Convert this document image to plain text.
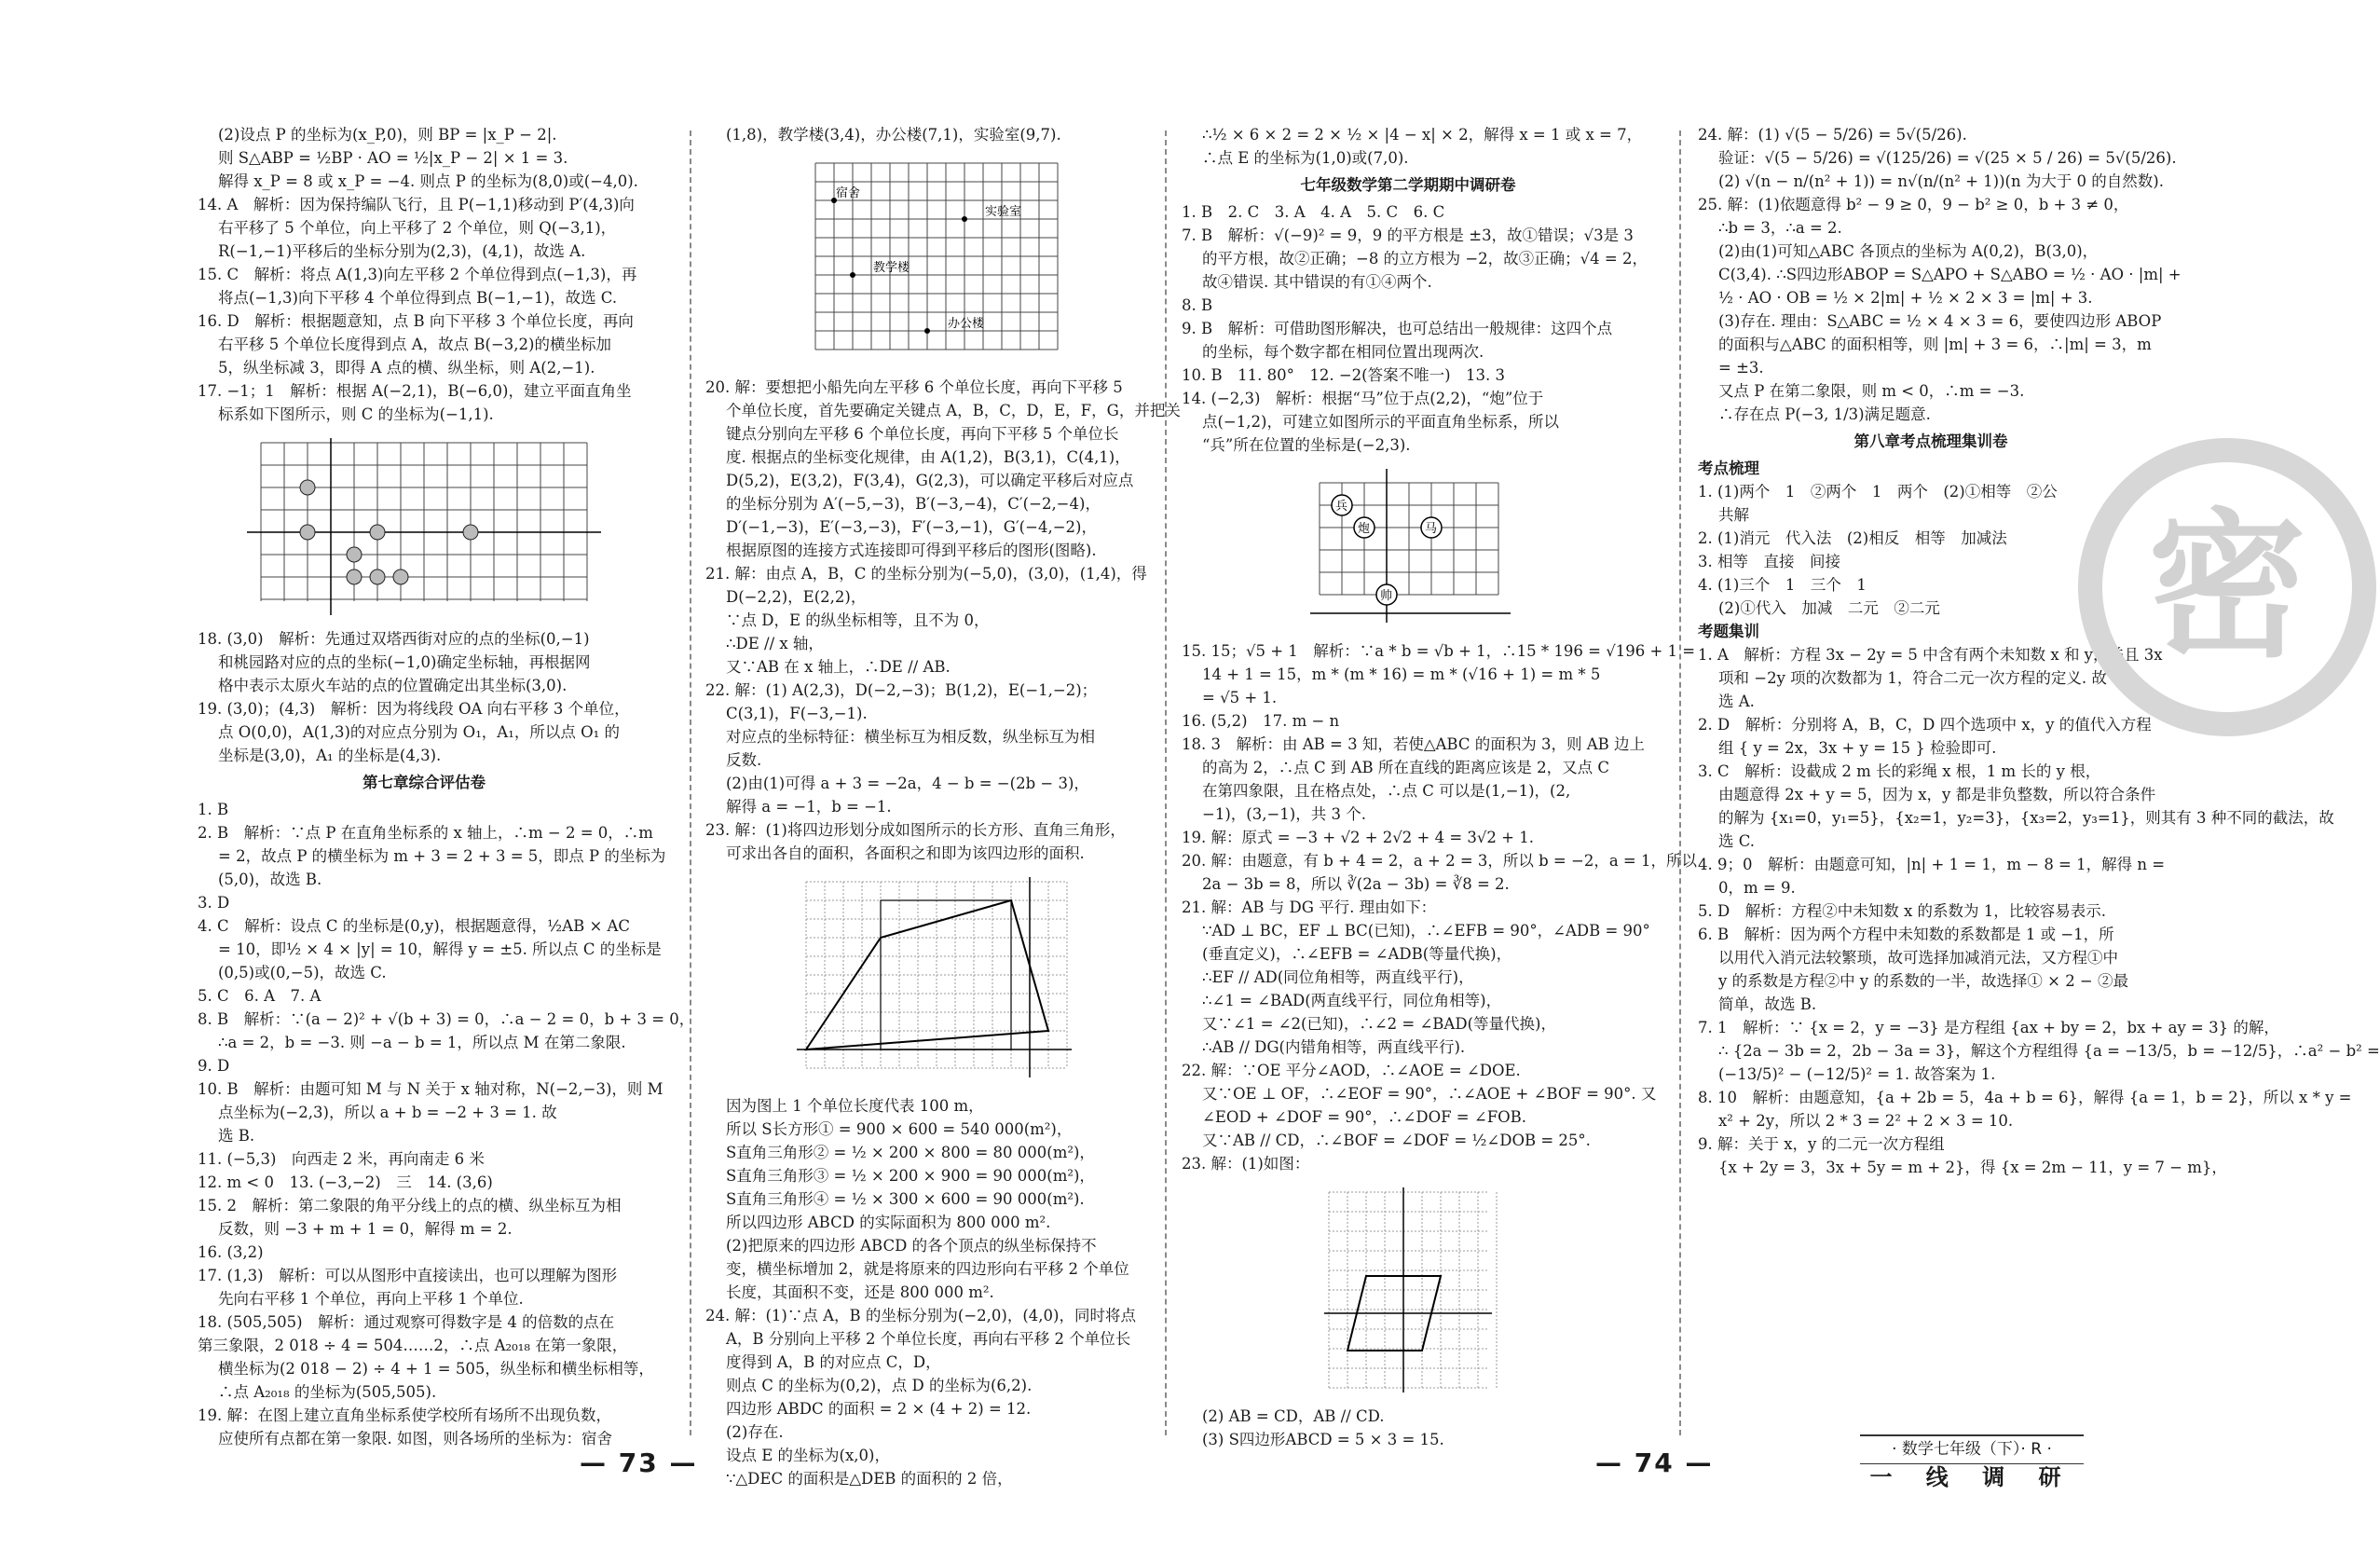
(2)设点 P 的坐标为(x_P,0)，则 BP = |x_P − 2|.
则 S△ABP = ½BP · AO = ½|x_P − 2| × 1 = 3.
解得 x_P = 8 或 x_P = −4. 则点 P 的坐标为(8,0)或(−4,0).
14. A　解析：因为保持编队飞行，且 P(−1,1)移动到 P′(4,3)向
右平移了 5 个单位，向上平移了 2 个单位，则 Q(−3,1)，
R(−1,−1)平移后的坐标分别为(2,3)，(4,1)，故选 A.
15. C　解析：将点 A(1,3)向左平移 2 个单位得到点(−1,3)，再
将点(−1,3)向下平移 4 个单位得到点 B(−1,−1)，故选 C.
16. D　解析：根据题意知，点 B 向下平移 3 个单位长度，再向
右平移 5 个单位长度得到点 A，故点 B(−3,2)的横坐标加
5，纵坐标减 3，即得 A 点的横、纵坐标，则 A(2,−1).
17. −1；1　解析：根据 A(−2,1)，B(−6,0)，建立平面直角坐
标系如下图所示，则 C 的坐标为(−1,1).
18. (3,0)　解析：先通过双塔西街对应的点的坐标(0,−1)
和桃园路对应的点的坐标(−1,0)确定坐标轴，再根据网
格中表示太原火车站的点的位置确定出其坐标(3,0).
19. (3,0)；(4,3)　解析：因为将线段 OA 向右平移 3 个单位，
点 O(0,0)，A(1,3)的对应点分别为 O₁，A₁，所以点 O₁ 的
坐标是(3,0)，A₁ 的坐标是(4,3).
第七章综合评估卷
1. B
2. B　解析：∵点 P 在直角坐标系的 x 轴上，∴m − 2 = 0，∴m
= 2，故点 P 的横坐标为 m + 3 = 2 + 3 = 5，即点 P 的坐标为
(5,0)，故选 B.
3. D
4. C　解析：设点 C 的坐标是(0,y)，根据题意得，½AB × AC
= 10，即½ × 4 × |y| = 10，解得 y = ±5. 所以点 C 的坐标是
(0,5)或(0,−5)，故选 C.
5. C　6. A　7. A
8. B　解析：∵(a − 2)² + √(b + 3) = 0，∴a − 2 = 0，b + 3 = 0，
∴a = 2，b = −3. 则 −a − b = 1，所以点 M 在第二象限.
9. D
10. B　解析：由题可知 M 与 N 关于 x 轴对称，N(−2,−3)，则 M
点坐标为(−2,3)，所以 a + b = −2 + 3 = 1. 故
选 B.
11. (−5,3)　向西走 2 米，再向南走 6 米
12. m < 0　13. (−3,−2)　三　14. (3,6)
15. 2　解析：第二象限的角平分线上的点的横、纵坐标互为相
反数，则 −3 + m + 1 = 0，解得 m = 2.
16. (3,2)
17. (1,3)　解析：可以从图形中直接读出，也可以理解为图形
先向右平移 1 个单位，再向上平移 1 个单位.
18. (505,505)　解析：通过观察可得数字是 4 的倍数的点在
第三象限，2 018 ÷ 4 = 504……2，∴点 A₂₀₁₈ 在第一象限，
横坐标为(2 018 − 2) ÷ 4 + 1 = 505，纵坐标和横坐标相等，
∴点 A₂₀₁₈ 的坐标为(505,505).
19. 解：在图上建立直角坐标系使学校所有场所不出现负数，
应使所有点都在第一象限. 如图，则各场所的坐标为：宿舍
(1,8)，教学楼(3,4)，办公楼(7,1)，实验室(9,7).
宿舍
实验室
教学楼
办公楼
20. 解：要想把小船先向左平移 6 个单位长度，再向下平移 5
个单位长度，首先要确定关键点 A，B，C，D，E，F，G，并把关
键点分别向左平移 6 个单位长度，再向下平移 5 个单位长
度. 根据点的坐标变化规律，由 A(1,2)，B(3,1)，C(4,1)，
D(5,2)，E(3,2)，F(3,4)，G(2,3)，可以确定平移后对应点
的坐标分别为 A′(−5,−3)，B′(−3,−4)，C′(−2,−4)，
D′(−1,−3)，E′(−3,−3)，F′(−3,−1)，G′(−4,−2)，
根据原图的连接方式连接即可得到平移后的图形(图略).
21. 解：由点 A，B，C 的坐标分别为(−5,0)，(3,0)，(1,4)，得
D(−2,2)，E(2,2)，
∵点 D，E 的纵坐标相等，且不为 0，
∴DE // x 轴，
又∵AB 在 x 轴上，∴DE // AB.
22. 解：(1) A(2,3)，D(−2,−3)；B(1,2)，E(−1,−2)；
C(3,1)，F(−3,−1).
对应点的坐标特征：横坐标互为相反数，纵坐标互为相
反数.
(2)由(1)可得 a + 3 = −2a，4 − b = −(2b − 3)，
解得 a = −1，b = −1.
23. 解：(1)将四边形划分成如图所示的长方形、直角三角形，
可求出各自的面积，各面积之和即为该四边形的面积.
因为图上 1 个单位长度代表 100 m，
所以 S长方形① = 900 × 600 = 540 000(m²)，
S直角三角形② = ½ × 200 × 800 = 80 000(m²)，
S直角三角形③ = ½ × 200 × 900 = 90 000(m²)，
S直角三角形④ = ½ × 300 × 600 = 90 000(m²).
所以四边形 ABCD 的实际面积为 800 000 m².
(2)把原来的四边形 ABCD 的各个顶点的纵坐标保持不
变，横坐标增加 2，就是将原来的四边形向右平移 2 个单位
长度，其面积不变，还是 800 000 m².
24. 解：(1)∵点 A，B 的坐标分别为(−2,0)，(4,0)，同时将点
A，B 分别向上平移 2 个单位长度，再向右平移 2 个单位长
度得到 A，B 的对应点 C，D，
则点 C 的坐标为(0,2)，点 D 的坐标为(6,2).
四边形 ABDC 的面积 = 2 × (4 + 2) = 12.
(2)存在.
设点 E 的坐标为(x,0)，
∵△DEC 的面积是△DEB 的面积的 2 倍，
∴½ × 6 × 2 = 2 × ½ × |4 − x| × 2，解得 x = 1 或 x = 7，
∴点 E 的坐标为(1,0)或(7,0).
七年级数学第二学期期中调研卷
1. B　2. C　3. A　4. A　5. C　6. C
7. B　解析：√(−9)² = 9，9 的平方根是 ±3，故①错误；√3是 3
的平方根，故②正确；−8 的立方根为 −2，故③正确；√4 = 2，
故④错误. 其中错误的有①④两个.
8. B
9. B　解析：可借助图形解决，也可总结出一般规律：这四个点
的坐标，每个数字都在相同位置出现两次.
10. B　11. 80°　12. −2(答案不唯一)　13. 3
14. (−2,3)　解析：根据“马”位于点(2,2)，“炮”位于
点(−1,2)，可建立如图所示的平面直角坐标系，所以
“兵”所在位置的坐标是(−2,3).
兵
炮	马
帅
15. 15；√5 + 1　解析：∵a * b = √b + 1，∴15 * 196 = √196 + 1 =
14 + 1 = 15，m * (m * 16) = m * (√16 + 1) = m * 5
= √5 + 1.
16. (5,2)　17. m − n
18. 3　解析：由 AB = 3 知，若使△ABC 的面积为 3，则 AB 边上
的高为 2，∴点 C 到 AB 所在直线的距离应该是 2，又点 C
在第四象限，且在格点处，∴点 C 可以是(1,−1)，(2,
−1)，(3,−1)，共 3 个.
19. 解：原式 = −3 + √2 + 2√2 + 4 = 3√2 + 1.
20. 解：由题意，有 b + 4 = 2，a + 2 = 3，所以 b = −2，a = 1，所以
2a − 3b = 8，所以 ∛(2a − 3b) = ∛8 = 2.
21. 解：AB 与 DG 平行. 理由如下：
∵AD ⊥ BC，EF ⊥ BC(已知)，∴∠EFB = 90°，∠ADB = 90°
(垂直定义)，∴∠EFB = ∠ADB(等量代换)，
∴EF // AD(同位角相等，两直线平行)，
∴∠1 = ∠BAD(两直线平行，同位角相等)，
又∵∠1 = ∠2(已知)，∴∠2 = ∠BAD(等量代换)，
∴AB // DG(内错角相等，两直线平行).
22. 解：∵OE 平分∠AOD，∴∠AOE = ∠DOE.
又∵OE ⊥ OF，∴∠EOF = 90°，∴∠AOE + ∠BOF = 90°. 又
∠EOD + ∠DOF = 90°，∴∠DOF = ∠FOB.
又∵AB // CD，∴∠BOF = ∠DOF = ½∠DOB = 25°.
23. 解：(1)如图：
(2) AB = CD，AB // CD.
(3) S四边形ABCD = 5 × 3 = 15.
24. 解：(1) √(5 − 5/26) = 5√(5/26).
验证：√(5 − 5/26) = √(125/26) = √(25 × 5 / 26) = 5√(5/26).
(2) √(n − n/(n² + 1)) = n√(n/(n² + 1))(n 为大于 0 的自然数).
25. 解：(1)依题意得 b² − 9 ≥ 0，9 − b² ≥ 0，b + 3 ≠ 0，
∴b = 3，∴a = 2.
(2)由(1)可知△ABC 各顶点的坐标为 A(0,2)，B(3,0)，
C(3,4). ∴S四边形ABOP = S△APO + S△ABO = ½ · AO · |m| +
½ · AO · OB = ½ × 2|m| + ½ × 2 × 3 = |m| + 3.
(3)存在. 理由：S△ABC = ½ × 4 × 3 = 6，要使四边形 ABOP
的面积与△ABC 的面积相等，则 |m| + 3 = 6，∴|m| = 3，m
= ±3.
又点 P 在第二象限，则 m < 0，∴m = −3.
∴存在点 P(−3, 1/3)满足题意.
第八章考点梳理集训卷
考点梳理
1. (1)两个　1　②两个　1　两个　(2)①相等　②公
共解
2. (1)消元　代入法　(2)相反　相等　加减法
3. 相等　直接　间接
4. (1)三个　1　三个　1
(2)①代入　加减　二元　②二元
考题集训
1. A　解析：方程 3x − 2y = 5 中含有两个未知数 x 和 y，并且 3x
项和 −2y 项的次数都为 1，符合二元一次方程的定义. 故
选 A.
2. D　解析：分别将 A，B，C，D 四个选项中 x，y 的值代入方程
组 { y = 2x，3x + y = 15 } 检验即可.
3. C　解析：设截成 2 m 长的彩绳 x 根，1 m 长的 y 根，
由题意得 2x + y = 5，因为 x，y 都是非负整数，所以符合条件
的解为 {x₁=0，y₁=5}，{x₂=1，y₂=3}，{x₃=2，y₃=1}，则其有 3 种不同的截法，故
选 C.
4. 9；0　解析：由题意可知，|n| + 1 = 1，m − 8 = 1，解得 n =
0，m = 9.
5. D　解析：方程②中未知数 x 的系数为 1，比较容易表示.
6. B　解析：因为两个方程中未知数的系数都是 1 或 −1，所
以用代入消元法较繁琐，故可选择加减消元法，又方程①中
y 的系数是方程②中 y 的系数的一半，故选择① × 2 − ②最
简单，故选 B.
7. 1　解析：∵ {x = 2，y = −3} 是方程组 {ax + by = 2，bx + ay = 3} 的解，
∴ {2a − 3b = 2，2b − 3a = 3}，解这个方程组得 {a = −13/5，b = −12/5}，∴a² − b² =
(−13/5)² − (−12/5)² = 1. 故答案为 1.
8. 10　解析：由题意知，{a + 2b = 5，4a + b = 6}，解得 {a = 1，b = 2}，所以 x * y =
x² + 2y，所以 2 * 3 = 2² + 2 × 3 = 10.
9. 解：关于 x，y 的二元一次方程组
{x + 2y = 3，3x + 5y = m + 2}，得 {x = 2m − 11，y = 7 − m}，
— 73 —	— 74 —	· 数学七年级（下）· R ·
一 线 调 研
密
